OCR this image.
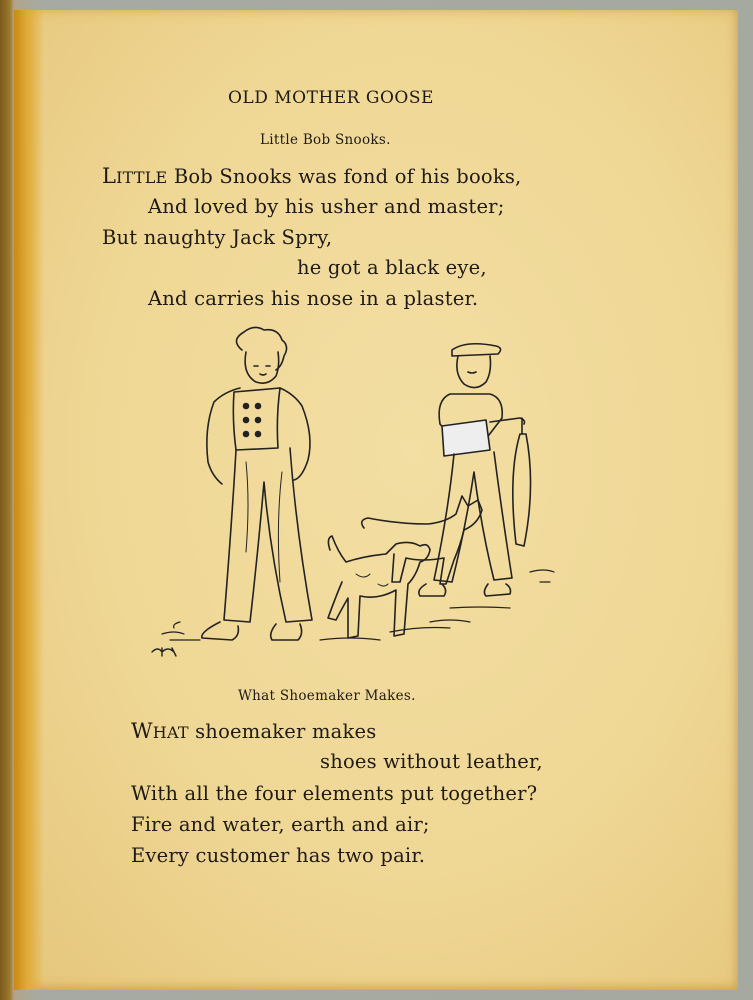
OLD MOTHER GOOSE
Little Bob Snooks.
LITTLE Bob Snooks was fond of his books,
And loved by his usher and master;
But naughty Jack Spry,
he got a black eye,
And carries his nose in a plaster.
What Shoemaker Makes.
WHAT shoemaker makes
shoes without leather,
With all the four elements put together?
Fire and water, earth and air;
Every customer has two pair.
